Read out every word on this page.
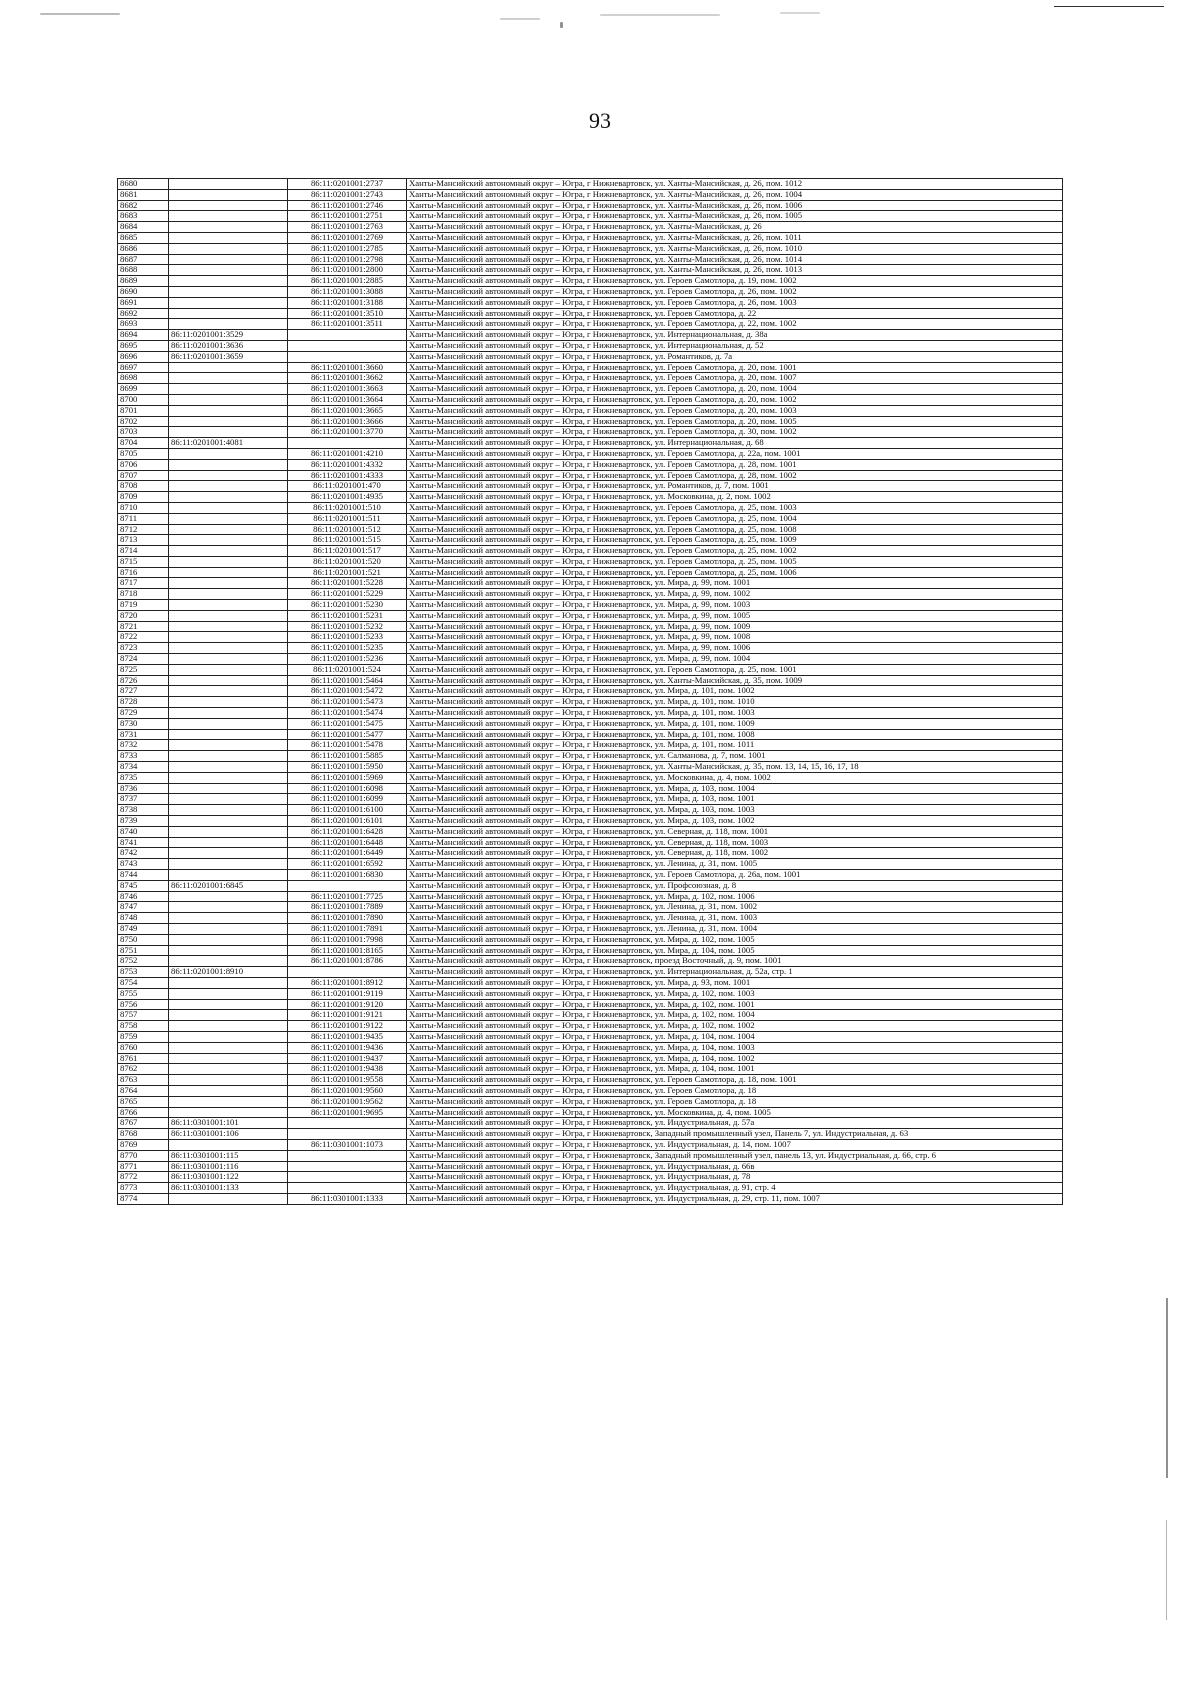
93
8680		86:11:0201001:2737	Ханты-Мансийский автономный округ – Югра, г Нижневартовск, ул. Ханты-Мансийская, д. 26, пом. 1012
8681		86:11:0201001:2743	Ханты-Мансийский автономный округ – Югра, г Нижневартовск, ул. Ханты-Мансийская, д. 26, пом. 1004
8682		86:11:0201001:2746	Ханты-Мансийский автономный округ – Югра, г Нижневартовск, ул. Ханты-Мансийская, д. 26, пом. 1006
8683		86:11:0201001:2751	Ханты-Мансийский автономный округ – Югра, г Нижневартовск, ул. Ханты-Мансийская, д. 26, пом. 1005
8684		86:11:0201001:2763	Ханты-Мансийский автономный округ – Югра, г Нижневартовск, ул. Ханты-Мансийская, д. 26
8685		86:11:0201001:2769	Ханты-Мансийский автономный округ – Югра, г Нижневартовск, ул. Ханты-Мансийская, д. 26, пом. 1011
8686		86:11:0201001:2785	Ханты-Мансийский автономный округ – Югра, г Нижневартовск, ул. Ханты-Мансийская, д. 26, пом. 1010
8687		86:11:0201001:2798	Ханты-Мансийский автономный округ – Югра, г Нижневартовск, ул. Ханты-Мансийская, д. 26, пом. 1014
8688		86:11:0201001:2800	Ханты-Мансийский автономный округ – Югра, г Нижневартовск, ул. Ханты-Мансийская, д. 26, пом. 1013
8689		86:11:0201001:2885	Ханты-Мансийский автономный округ – Югра, г Нижневартовск, ул. Героев Самотлора, д. 19, пом. 1002
8690		86:11:0201001:3088	Ханты-Мансийский автономный округ – Югра, г Нижневартовск, ул. Героев Самотлора, д. 26, пом. 1002
8691		86:11:0201001:3188	Ханты-Мансийский автономный округ – Югра, г Нижневартовск, ул. Героев Самотлора, д. 26, пом. 1003
8692		86:11:0201001:3510	Ханты-Мансийский автономный округ – Югра, г Нижневартовск, ул. Героев Самотлора, д. 22
8693		86:11:0201001:3511	Ханты-Мансийский автономный округ – Югра, г Нижневартовск, ул. Героев Самотлора, д. 22, пом. 1002
8694	86:11:0201001:3529		Ханты-Мансийский автономный округ – Югра, г Нижневартовск, ул. Интернациональная, д. 38а
8695	86:11:0201001:3636		Ханты-Мансийский автономный округ – Югра, г Нижневартовск, ул. Интернациональная, д. 52
8696	86:11:0201001:3659		Ханты-Мансийский автономный округ – Югра, г Нижневартовск, ул. Романтиков, д. 7а
8697		86:11:0201001:3660	Ханты-Мансийский автономный округ – Югра, г Нижневартовск, ул. Героев Самотлора, д. 20, пом. 1001
8698		86:11:0201001:3662	Ханты-Мансийский автономный округ – Югра, г Нижневартовск, ул. Героев Самотлора, д. 20, пом. 1007
8699		86:11:0201001:3663	Ханты-Мансийский автономный округ – Югра, г Нижневартовск, ул. Героев Самотлора, д. 20, пом. 1004
8700		86:11:0201001:3664	Ханты-Мансийский автономный округ – Югра, г Нижневартовск, ул. Героев Самотлора, д. 20, пом. 1002
8701		86:11:0201001:3665	Ханты-Мансийский автономный округ – Югра, г Нижневартовск, ул. Героев Самотлора, д. 20, пом. 1003
8702		86:11:0201001:3666	Ханты-Мансийский автономный округ – Югра, г Нижневартовск, ул. Героев Самотлора, д. 20, пом. 1005
8703		86:11:0201001:3770	Ханты-Мансийский автономный округ – Югра, г Нижневартовск, ул. Героев Самотлора, д. 30, пом. 1002
8704	86:11:0201001:4081		Ханты-Мансийский автономный округ – Югра, г Нижневартовск, ул. Интернациональная, д. 68
8705		86:11:0201001:4210	Ханты-Мансийский автономный округ – Югра, г Нижневартовск, ул. Героев Самотлора, д. 22а, пом. 1001
8706		86:11:0201001:4332	Ханты-Мансийский автономный округ – Югра, г Нижневартовск, ул. Героев Самотлора, д. 28, пом. 1001
8707		86:11:0201001:4333	Ханты-Мансийский автономный округ – Югра, г Нижневартовск, ул. Героев Самотлора, д. 28, пом. 1002
8708		86:11:0201001:470	Ханты-Мансийский автономный округ – Югра, г Нижневартовск, ул. Романтиков, д. 7, пом. 1001
8709		86:11:0201001:4935	Ханты-Мансийский автономный округ – Югра, г Нижневартовск, ул. Московкина, д. 2, пом. 1002
8710		86:11:0201001:510	Ханты-Мансийский автономный округ – Югра, г Нижневартовск, ул. Героев Самотлора, д. 25, пом. 1003
8711		86:11:0201001:511	Ханты-Мансийский автономный округ – Югра, г Нижневартовск, ул. Героев Самотлора, д. 25, пом. 1004
8712		86:11:0201001:512	Ханты-Мансийский автономный округ – Югра, г Нижневартовск, ул. Героев Самотлора, д. 25, пом. 1008
8713		86:11:0201001:515	Ханты-Мансийский автономный округ – Югра, г Нижневартовск, ул. Героев Самотлора, д. 25, пом. 1009
8714		86:11:0201001:517	Ханты-Мансийский автономный округ – Югра, г Нижневартовск, ул. Героев Самотлора, д. 25, пом. 1002
8715		86:11:0201001:520	Ханты-Мансийский автономный округ – Югра, г Нижневартовск, ул. Героев Самотлора, д. 25, пом. 1005
8716		86:11:0201001:521	Ханты-Мансийский автономный округ – Югра, г Нижневартовск, ул. Героев Самотлора, д. 25, пом. 1006
8717		86:11:0201001:5228	Ханты-Мансийский автономный округ – Югра, г Нижневартовск, ул. Мира, д. 99, пом. 1001
8718		86:11:0201001:5229	Ханты-Мансийский автономный округ – Югра, г Нижневартовск, ул. Мира, д. 99, пом. 1002
8719		86:11:0201001:5230	Ханты-Мансийский автономный округ – Югра, г Нижневартовск, ул. Мира, д. 99, пом. 1003
8720		86:11:0201001:5231	Ханты-Мансийский автономный округ – Югра, г Нижневартовск, ул. Мира, д. 99, пом. 1005
8721		86:11:0201001:5232	Ханты-Мансийский автономный округ – Югра, г Нижневартовск, ул. Мира, д. 99, пом. 1009
8722		86:11:0201001:5233	Ханты-Мансийский автономный округ – Югра, г Нижневартовск, ул. Мира, д. 99, пом. 1008
8723		86:11:0201001:5235	Ханты-Мансийский автономный округ – Югра, г Нижневартовск, ул. Мира, д. 99, пом. 1006
8724		86:11:0201001:5236	Ханты-Мансийский автономный округ – Югра, г Нижневартовск, ул. Мира, д. 99, пом. 1004
8725		86:11:0201001:524	Ханты-Мансийский автономный округ – Югра, г Нижневартовск, ул. Героев Самотлора, д. 25, пом. 1001
8726		86:11:0201001:5464	Ханты-Мансийский автономный округ – Югра, г Нижневартовск, ул. Ханты-Мансийская, д. 35, пом. 1009
8727		86:11:0201001:5472	Ханты-Мансийский автономный округ – Югра, г Нижневартовск, ул. Мира, д. 101, пом. 1002
8728		86:11:0201001:5473	Ханты-Мансийский автономный округ – Югра, г Нижневартовск, ул. Мира, д. 101, пом. 1010
8729		86:11:0201001:5474	Ханты-Мансийский автономный округ – Югра, г Нижневартовск, ул. Мира, д. 101, пом. 1003
8730		86:11:0201001:5475	Ханты-Мансийский автономный округ – Югра, г Нижневартовск, ул. Мира, д. 101, пом. 1009
8731		86:11:0201001:5477	Ханты-Мансийский автономный округ – Югра, г Нижневартовск, ул. Мира, д. 101, пом. 1008
8732		86:11:0201001:5478	Ханты-Мансийский автономный округ – Югра, г Нижневартовск, ул. Мира, д. 101, пом. 1011
8733		86:11:0201001:5885	Ханты-Мансийский автономный округ – Югра, г Нижневартовск, ул. Салманова, д. 7, пом. 1001
8734		86:11:0201001:5950	Ханты-Мансийский автономный округ – Югра, г Нижневартовск, ул. Ханты-Мансийская, д. 35, пом. 13, 14, 15, 16, 17, 18
8735		86:11:0201001:5969	Ханты-Мансийский автономный округ – Югра, г Нижневартовск, ул. Московкина, д. 4, пом. 1002
8736		86:11:0201001:6098	Ханты-Мансийский автономный округ – Югра, г Нижневартовск, ул. Мира, д. 103, пом. 1004
8737		86:11:0201001:6099	Ханты-Мансийский автономный округ – Югра, г Нижневартовск, ул. Мира, д. 103, пом. 1001
8738		86:11:0201001:6100	Ханты-Мансийский автономный округ – Югра, г Нижневартовск, ул. Мира, д. 103, пом. 1003
8739		86:11:0201001:6101	Ханты-Мансийский автономный округ – Югра, г Нижневартовск, ул. Мира, д. 103, пом. 1002
8740		86:11:0201001:6428	Ханты-Мансийский автономный округ – Югра, г Нижневартовск, ул. Северная, д. 118, пом. 1001
8741		86:11:0201001:6448	Ханты-Мансийский автономный округ – Югра, г Нижневартовск, ул. Северная, д. 118, пом. 1003
8742		86:11:0201001:6449	Ханты-Мансийский автономный округ – Югра, г Нижневартовск, ул. Северная, д. 118, пом. 1002
8743		86:11:0201001:6592	Ханты-Мансийский автономный округ – Югра, г Нижневартовск, ул. Ленина, д. 31, пом. 1005
8744		86:11:0201001:6830	Ханты-Мансийский автономный округ – Югра, г Нижневартовск, ул. Героев Самотлора, д. 26а, пом. 1001
8745	86:11:0201001:6845		Ханты-Мансийский автономный округ – Югра, г Нижневартовск, ул. Профсоюзная, д. 8
8746		86:11:0201001:7725	Ханты-Мансийский автономный округ – Югра, г Нижневартовск, ул. Мира, д. 102, пом. 1006
8747		86:11:0201001:7889	Ханты-Мансийский автономный округ – Югра, г Нижневартовск, ул. Ленина, д. 31, пом. 1002
8748		86:11:0201001:7890	Ханты-Мансийский автономный округ – Югра, г Нижневартовск, ул. Ленина, д. 31, пом. 1003
8749		86:11:0201001:7891	Ханты-Мансийский автономный округ – Югра, г Нижневартовск, ул. Ленина, д. 31, пом. 1004
8750		86:11:0201001:7998	Ханты-Мансийский автономный округ – Югра, г Нижневартовск, ул. Мира, д. 102, пом. 1005
8751		86:11:0201001:8165	Ханты-Мансийский автономный округ – Югра, г Нижневартовск, ул. Мира, д. 104, пом. 1005
8752		86:11:0201001:8786	Ханты-Мансийский автономный округ – Югра, г Нижневартовск, проезд Восточный, д. 9, пом. 1001
8753	86:11:0201001:8910		Ханты-Мансийский автономный округ – Югра, г Нижневартовск, ул. Интернациональная, д. 52а, стр. 1
8754		86:11:0201001:8912	Ханты-Мансийский автономный округ – Югра, г Нижневартовск, ул. Мира, д. 93, пом. 1001
8755		86:11:0201001:9119	Ханты-Мансийский автономный округ – Югра, г Нижневартовск, ул. Мира, д. 102, пом. 1003
8756		86:11:0201001:9120	Ханты-Мансийский автономный округ – Югра, г Нижневартовск, ул. Мира, д. 102, пом. 1001
8757		86:11:0201001:9121	Ханты-Мансийский автономный округ – Югра, г Нижневартовск, ул. Мира, д. 102, пом. 1004
8758		86:11:0201001:9122	Ханты-Мансийский автономный округ – Югра, г Нижневартовск, ул. Мира, д. 102, пом. 1002
8759		86:11:0201001:9435	Ханты-Мансийский автономный округ – Югра, г Нижневартовск, ул. Мира, д. 104, пом. 1004
8760		86:11:0201001:9436	Ханты-Мансийский автономный округ – Югра, г Нижневартовск, ул. Мира, д. 104, пом. 1003
8761		86:11:0201001:9437	Ханты-Мансийский автономный округ – Югра, г Нижневартовск, ул. Мира, д. 104, пом. 1002
8762		86:11:0201001:9438	Ханты-Мансийский автономный округ – Югра, г Нижневартовск, ул. Мира, д. 104, пом. 1001
8763		86:11:0201001:9558	Ханты-Мансийский автономный округ – Югра, г Нижневартовск, ул. Героев Самотлора, д. 18, пом. 1001
8764		86:11:0201001:9560	Ханты-Мансийский автономный округ – Югра, г Нижневартовск, ул. Героев Самотлора, д. 18
8765		86:11:0201001:9562	Ханты-Мансийский автономный округ – Югра, г Нижневартовск, ул. Героев Самотлора, д. 18
8766		86:11:0201001:9695	Ханты-Мансийский автономный округ – Югра, г Нижневартовск, ул. Московкина, д. 4, пом. 1005
8767	86:11:0301001:101		Ханты-Мансийский автономный округ – Югра, г Нижневартовск, ул. Индустриальная, д. 57а
8768	86:11:0301001:106		Ханты-Мансийский автономный округ – Югра, г Нижневартовск, Западный промышленный узел, Панель 7, ул. Индустриальная, д. 63
8769		86:11:0301001:1073	Ханты-Мансийский автономный округ – Югра, г Нижневартовск, ул. Индустриальная, д. 14, пом. 1007
8770	86:11:0301001:115		Ханты-Мансийский автономный округ – Югра, г Нижневартовск, Западный промышленный узел, панель 13, ул. Индустриальная, д. 66, стр. 6
8771	86:11:0301001:116		Ханты-Мансийский автономный округ – Югра, г Нижневартовск, ул. Индустриальная, д. 66в
8772	86:11:0301001:122		Ханты-Мансийский автономный округ – Югра, г Нижневартовск, ул. Индустриальная, д. 78
8773	86:11:0301001:133		Ханты-Мансийский автономный округ – Югра, г Нижневартовск, ул. Индустриальная, д. 91, стр. 4
8774		86:11:0301001:1333	Ханты-Мансийский автономный округ – Югра, г Нижневартовск, ул. Индустриальная, д. 29, стр. 11, пом. 1007
